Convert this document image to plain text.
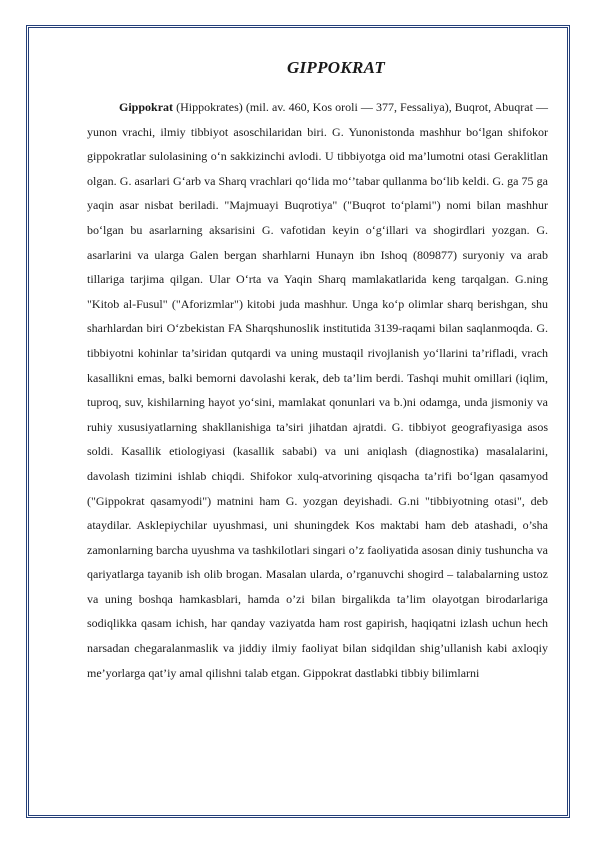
GIPPOKRAT

Gippokrat (Hippokrates) (mil. av. 460, Kos oroli — 377, Fessaliya), Buqrot, Abuqrat — yunon vrachi, ilmiy tibbiyot asoschilaridan biri. G. Yunonistonda mashhur bo‘lgan shifokor gippokratlar sulolasining o‘n sakkizinchi avlodi. U tibbiyotga oid ma’lumotni otasi Geraklitlan olgan. G. asarlari G‘arb va Sharq vrachlari qo‘lida mo‘’tabar qullanma bo‘lib keldi. G. ga 75 ga yaqin asar nisbat beriladi. "Majmuayi Buqrotiya" ("Buqrot to‘plami") nomi bilan mashhur bo‘lgan bu asarlarning aksarisini G. vafotidan keyin o‘g‘illari va shogirdlari yozgan. G. asarlarini va ularga Galen bergan sharhlarni Hunayn ibn Ishoq (809877) suryoniy va arab tillariga tarjima qilgan. Ular O‘rta va Yaqin Sharq mamlakatlarida keng tarqalgan. G.ning "Kitob al-Fusul" ("Aforizmlar") kitobi juda mashhur. Unga ko‘p olimlar sharq berishgan, shu sharhlardan biri O‘zbekistan FA Sharqshunoslik institutida 3139-raqami bilan saqlanmoqda. G. tibbiyotni kohinlar ta’siridan qutqardi va uning mustaqil rivojlanish yo‘llarini ta’rifladi, vrach kasallikni emas, balki bemorni davolashi kerak, deb ta’lim berdi. Tashqi muhit omillari (iqlim, tuproq, suv, kishilarning hayot yo‘sini, mamlakat qonunlari va b.)ni odamga, unda jismoniy va ruhiy xususiyatlarning shakllanishiga ta’siri jihatdan ajratdi. G. tibbiyot geografiyasiga asos soldi. Kasallik etiologiyasi (kasallik sababi) va uni aniqlash (diagnostika) masalalarini, davolash tizimini ishlab chiqdi. Shifokor xulq-atvorining qisqacha ta’rifi bo‘lgan qasamyod ("Gippokrat qasamyodi") matnini ham G. yozgan deyishadi. G.ni "tibbiyotning otasi", deb ataydilar. Asklepiychilar uyushmasi, uni shuningdek Kos maktabi ham deb atashadi, o’sha zamonlarning barcha uyushma va tashkilotlari singari o’z faoliyatida asosan diniy tushuncha va qariyatlarga tayanib ish olib brogan. Masalan ularda, o’rganuvchi shogird – talabalarning ustoz va uning boshqa hamkasblari, hamda o’zi bilan birgalikda ta’lim olayotgan birodarlariga sodiqlikka qasam ichish, har qanday vaziyatda ham rost gapirish, haqiqatni izlash uchun hech narsadan chegaralanmaslik va jiddiy ilmiy faoliyat bilan sidqildan shig’ullanish kabi axloqiy me’yorlarga qat’iy amal qilishni talab etgan. Gippokrat dastlabki tibbiy bilimlarni
